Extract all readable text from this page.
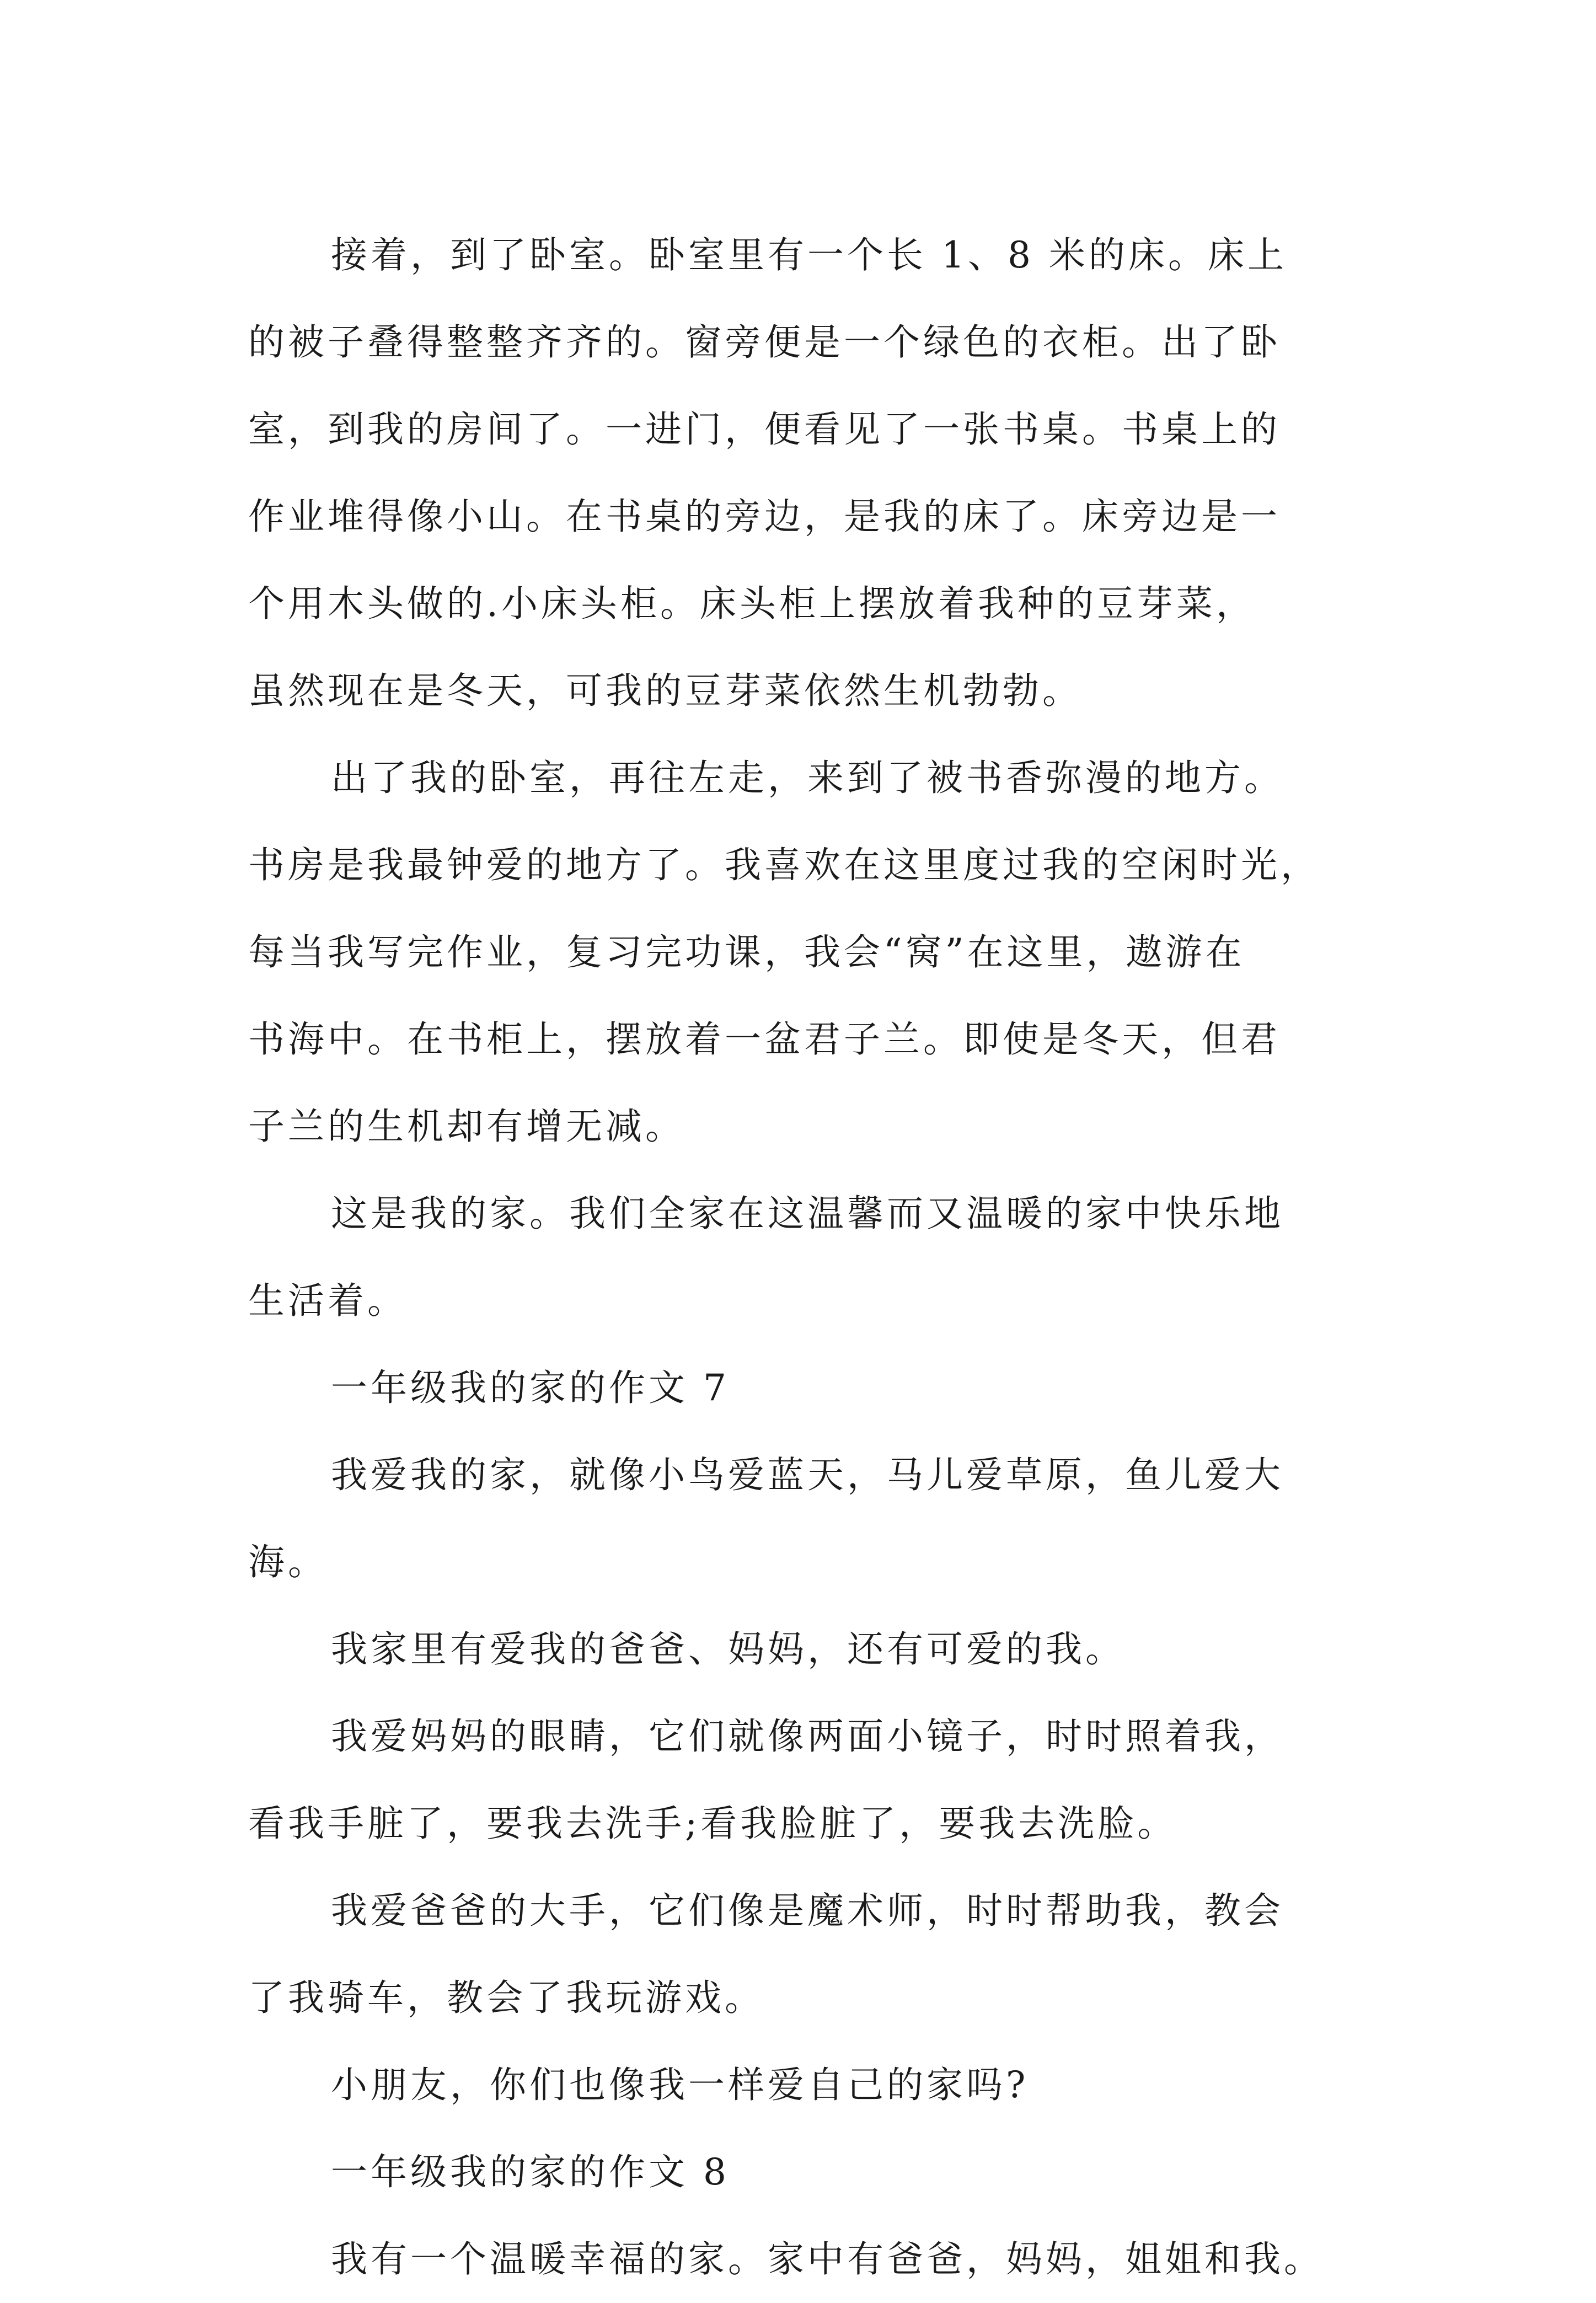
接着，到了卧室。卧室里有一个长 1、8 米的床。床上
的被子叠得整整齐齐的。窗旁便是一个绿色的衣柜。出了卧
室，到我的房间了。一进门，便看见了一张书桌。书桌上的
作业堆得像小山。在书桌的旁边，是我的床了。床旁边是一
个用木头做的.小床头柜。床头柜上摆放着我种的豆芽菜，
虽然现在是冬天，可我的豆芽菜依然生机勃勃。
出了我的卧室，再往左走，来到了被书香弥漫的地方。
书房是我最钟爱的地方了。我喜欢在这里度过我的空闲时光，
每当我写完作业，复习完功课，我会“窝”在这里，遨游在
书海中。在书柜上，摆放着一盆君子兰。即使是冬天，但君
子兰的生机却有增无减。
这是我的家。我们全家在这温馨而又温暖的家中快乐地
生活着。
一年级我的家的作文 7
我爱我的家，就像小鸟爱蓝天，马儿爱草原，鱼儿爱大
海。
我家里有爱我的爸爸、妈妈，还有可爱的我。
我爱妈妈的眼睛，它们就像两面小镜子，时时照着我，
看我手脏了，要我去洗手;看我脸脏了，要我去洗脸。
我爱爸爸的大手，它们像是魔术师，时时帮助我，教会
了我骑车，教会了我玩游戏。
小朋友，你们也像我一样爱自己的家吗?
一年级我的家的作文 8
我有一个温暖幸福的家。家中有爸爸，妈妈，姐姐和我。
